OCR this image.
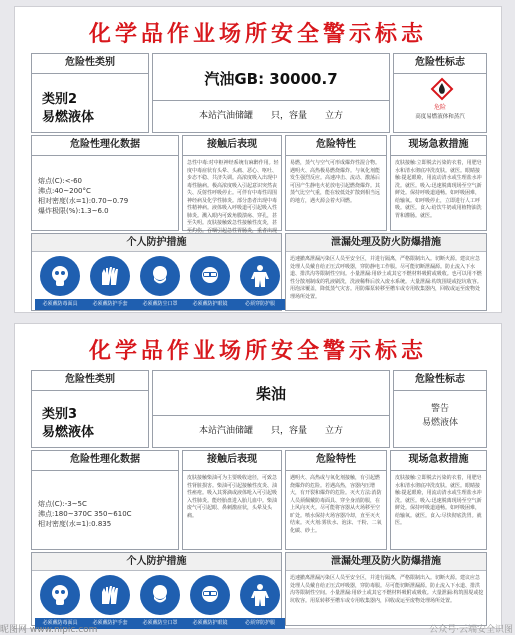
化学品作业场所安全警示标志
危险性类别
类别2
易燃液体
汽油GB: 30000.7
本站汽油储罐　　只，容量　　立方
危险性标志
危险
高度易燃液体和蒸汽
危险性理化数据
熔点(C):<-60
沸点:40~200°C
相对密度(水=1):0.70~0.79
爆炸极限(%):1.3~6.0
接触后表现
急性中毒:对中枢神经系统有麻醉作用。轻度中毒症状有头晕、头痛、恶心、呕吐、步态不稳、共济失调。高浓度吸入出现中毒性脑病。极高浓度吸入引起意识突然丧失、反射性呼吸停止。可伴有中毒性周围神经病及化学性肺炎。部分患者出现中毒性精神病。液体吸入呼吸道可引起吸入性肺炎。溅入眼内可致角膜溃疡、穿孔，甚至失明。皮肤接触致急性接触性皮炎，甚至灼伤。吞咽引起急性胃肠炎，重者出现
危险特性
易燃，蒸气与空气可形成爆炸性混合物。遇明火、高热极易燃烧爆炸。与氧化剂能发生强烈反应。高速冲击、流动、激荡后可因产生静电火花放电引起燃烧爆炸。其蒸气比空气重，能在较低处扩散到相当远的地方，遇火源会着火回燃。
现场急救措施
皮肤接触:立即脱去污染的衣着，用肥皂水和清水彻底冲洗皮肤。就医。眼睛接触:提起眼睑，用流动清水或生理盐水冲洗。就医。吸入:迅速脱离现场至空气新鲜处。保持呼吸道通畅。如呼吸困难，给输氧。如呼吸停止，立即进行人工呼吸。就医。食入:给饮牛奶或用植物油洗胃和灌肠。就医。
个人防护措施
必须戴防毒面具	必须戴防护手套	必须戴防尘口罩	必须戴防护眼镜	必须穿防护服
泄漏处理及防火防爆措施
迅速撤离泄漏污染区人员至安全区，并进行隔离，严格限制出入。切断火源。建议应急处理人员戴自给正压式呼吸器，穿防静电工作服。尽可能切断泄漏源。防止流入下水道、排洪沟等限制性空间。小量泄漏:用砂土或其它不燃材料吸附或吸收。也可以用不燃性分散剂制成的乳液刷洗，洗液稀释后放入废水系统。大量泄漏:构筑围堤或挖坑收容。用泡沫覆盖，降低蒸气灾害。用防爆泵转移至槽车或专用收集器内，回收或运至废物处理场所处置。
化学品作业场所安全警示标志
危险性类别
类别3
易燃液体
柴油
本站汽油储罐　　只，容量　　立方
危险性标志
警告
易燃液体
危险性理化数据
熔点(C):-3~5C
沸点:180~370C 350~610C
相对密度(水=1):0.835
接触后表现
皮肤接触柴油可为主要吸收途径，可致急性肾脏损害。柴油可引起接触性皮炎、油性痤疮。吸入其雾滴或液体呛入可引起吸入性肺炎。能经胎盘进入胎儿血中。柴油废气可引起眼、鼻刺激症状，头晕及头痛。
危险特性
遇明火、高热或与氧化剂接触，有引起燃烧爆炸的危险。若遇高热，容器内压增大，有开裂和爆炸的危险。灭火方法:消防人员须佩戴防毒面具、穿全身消防服，在上风向灭火。尽可能将容器从火场移至空旷处。喷水保持火场容器冷却，直至灭火结束。灭火剂:雾状水、泡沫、干粉、二氧化碳、砂土。
现场急救措施
皮肤接触:立即脱去污染的衣着，用肥皂水和清水彻底冲洗皮肤。就医。眼睛接触:提起眼睑，用流动清水或生理盐水冲洗。就医。吸入:迅速脱离现场至空气新鲜处。保持呼吸道通畅。如呼吸困难，给输氧。就医。食入:尽快彻底洗胃。就医。
个人防护措施
必须戴防毒面具	必须戴防护手套	必须戴防尘口罩	必须戴防护眼镜	必须穿防护服
泄漏处理及防火防爆措施
迅速撤离泄漏污染区人员至安全区，并进行隔离，严格限制出入。切断火源。建议应急处理人员戴自给正压式呼吸器，穿防毒服。尽可能切断泄漏源。防止流入下水道、排洪沟等限制性空间。小量泄漏:用砂土或其它不燃材料吸附或吸收。大量泄漏:构筑围堤或挖坑收容。用泵转移至槽车或专用收集器内，回收或运至废物处理场所处置。
昵图网 www.nipic.com	公众号·云端安全识图
